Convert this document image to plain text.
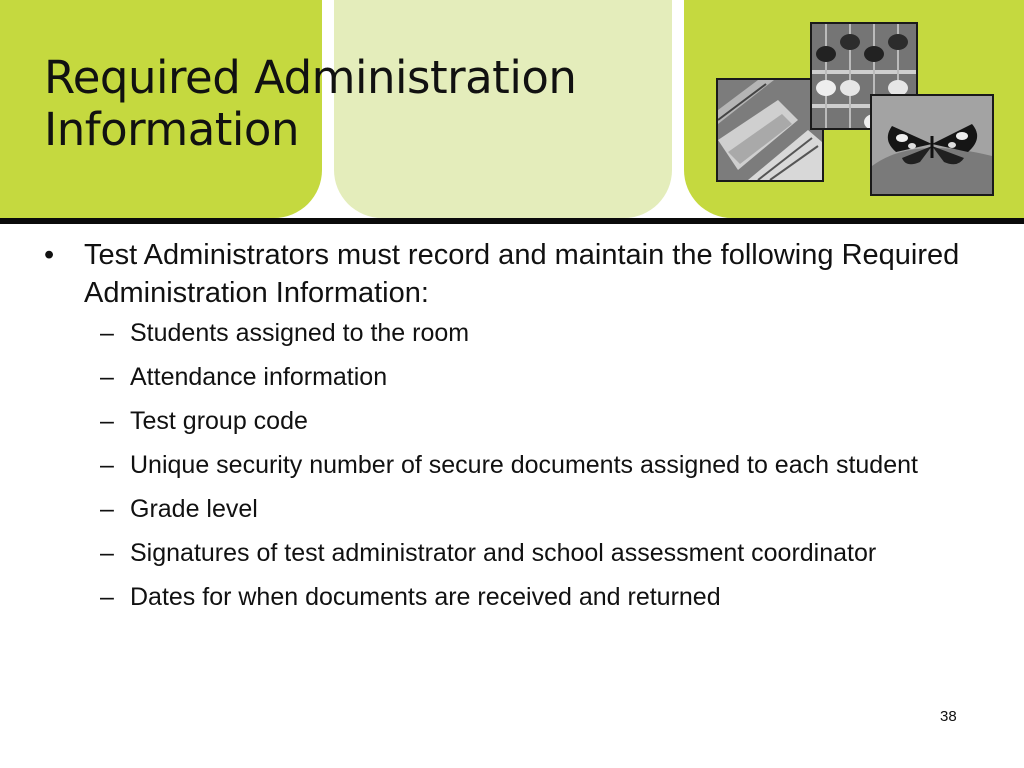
Required Administration
Information
•	Test Administrators must record and maintain the following Required Administration Information:
– Students assigned to the room
– Attendance information
– Test group code
– Unique security number of secure documents assigned to each student
– Grade level
– Signatures of test administrator and school assessment coordinator
– Dates for when documents are received and returned
38
